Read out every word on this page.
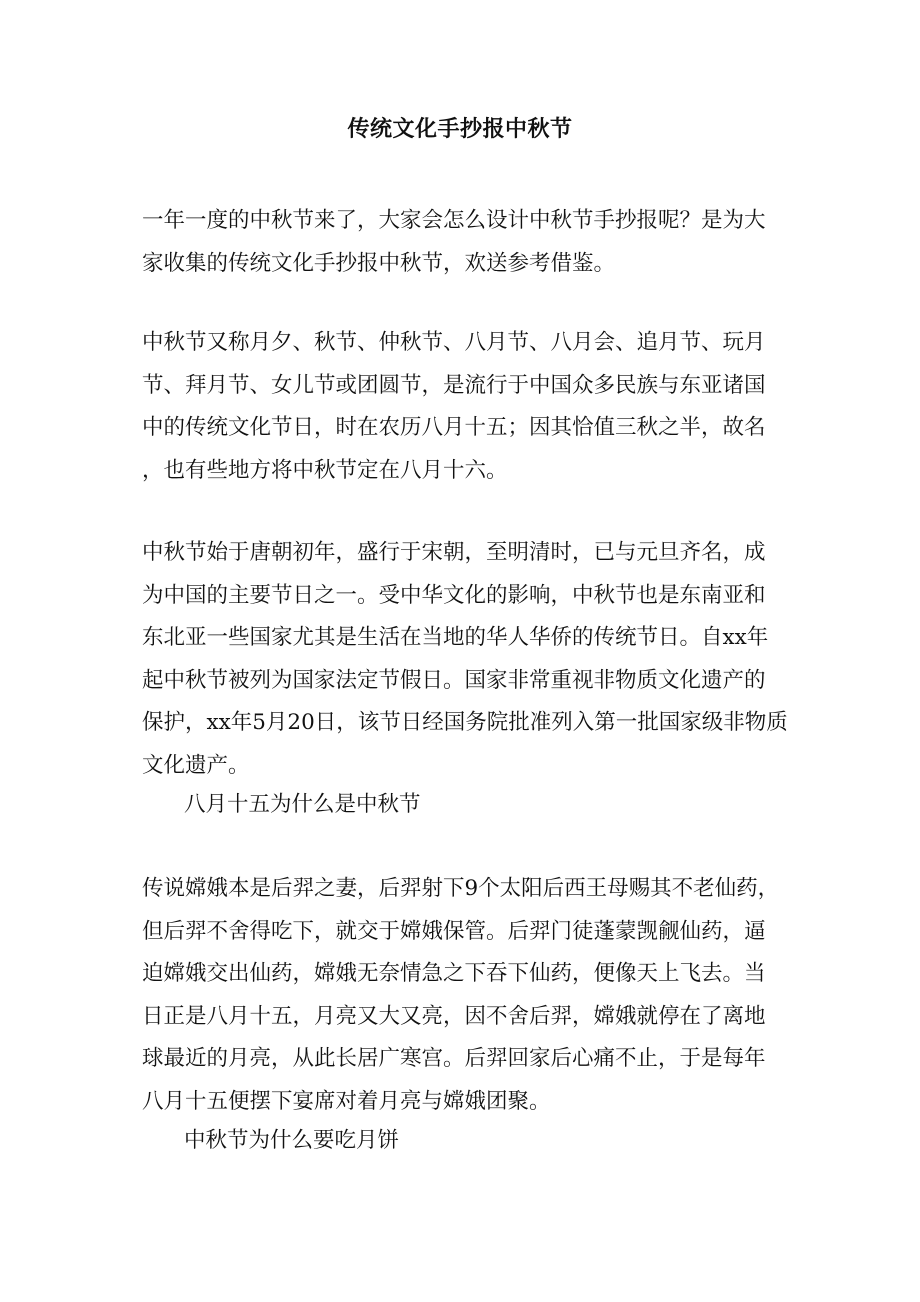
传统文化手抄报中秋节

一年一度的中秋节来了，大家会怎么设计中秋节手抄报呢？是为大
家收集的传统文化手抄报中秋节，欢送参考借鉴。

中秋节又称月夕、秋节、仲秋节、八月节、八月会、追月节、玩月
节、拜月节、女儿节或团圆节，是流行于中国众多民族与东亚诸国
中的传统文化节日，时在农历八月十五；因其恰值三秋之半，故名
，也有些地方将中秋节定在八月十六。

中秋节始于唐朝初年，盛行于宋朝，至明清时，已与元旦齐名，成
为中国的主要节日之一。受中华文化的影响，中秋节也是东南亚和
东北亚一些国家尤其是生活在当地的华人华侨的传统节日。自xx年
起中秋节被列为国家法定节假日。国家非常重视非物质文化遗产的
保护，xx年5月20日，该节日经国务院批准列入第一批国家级非物质
文化遗产。

八月十五为什么是中秋节

传说嫦娥本是后羿之妻，后羿射下9个太阳后西王母赐其不老仙药，
但后羿不舍得吃下，就交于嫦娥保管。后羿门徒蓬蒙觊觎仙药，逼
迫嫦娥交出仙药，嫦娥无奈情急之下吞下仙药，便像天上飞去。当
日正是八月十五，月亮又大又亮，因不舍后羿，嫦娥就停在了离地
球最近的月亮，从此长居广寒宫。后羿回家后心痛不止，于是每年
八月十五便摆下宴席对着月亮与嫦娥团聚。

中秋节为什么要吃月饼
